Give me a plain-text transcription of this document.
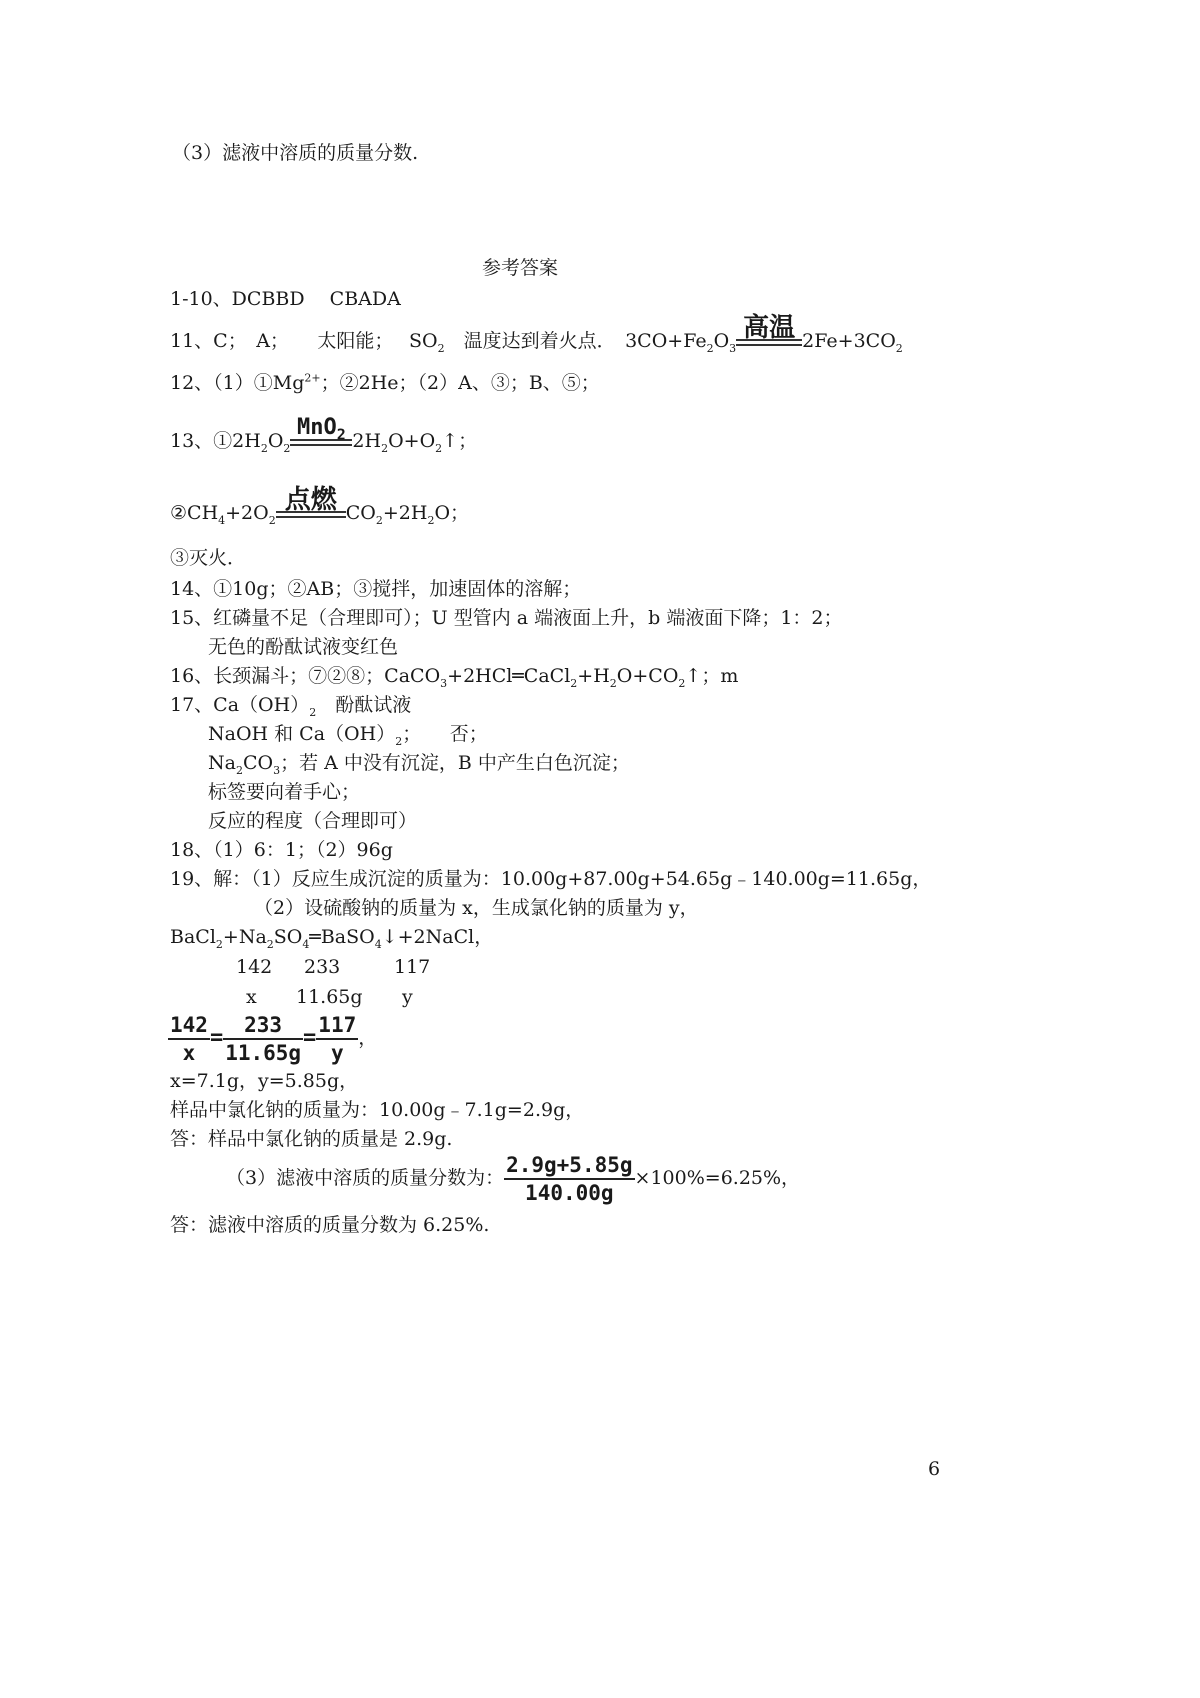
（3）滤液中溶质的质量分数.
参考答案
1-10、DCBBD　 CBADA
11、C；　A；　　太阳能；　 $SO_2$　温度达到着火点．　$3CO+Fe_2O_3$
高温 $2Fe+3CO_2$
12、$(1)①Mg^{2+}$；②2He；（2）A、③；B、⑤；
13、$①2H_2O_2$
MnO$_2$ $2H_2O+O_2↑$；
$②CH_4+2O_2$
点燃 $CO_2+2H_2O$；
③灭火．
14、①10g；②AB；③搅拌，加速固体的溶解；
15、红磷量不足（合理即可）；U 型管内 a 端液面上升，b 端液面下降；1：2；
无色的酚酞试液变红色
16、长颈漏斗；⑦②⑧；$CaCO_3+2HCl═CaCl_2+H_2O+CO_2↑$；m
17、$Ca(OH)_2$　酚酞试液
NaOH 和 $Ca(OH)_2$；　　否；
$Na_2CO_3$；若 A 中没有沉淀，B 中产生白色沉淀；
标签要向着手心；
反应的程度（合理即可）
18、（1）6：1；（2）96g
19、解：（1）反应生成沉淀的质量为：10.00g+87.00g+54.65g﹣140.00g=11.65g，
（2）设硫酸钠的质量为 x，生成氯化钠的质量为 y，
$BaCl_2+Na_2SO_4═BaSO_4↓+2NaCl$，
142 233	117
x 11.65g y
$\frac{142}{x} = \frac{233}{11.65g} = \frac{117}{y}$ ，
x=7.1g，y=5.85g，
样品中氯化钠的质量为：10.00g﹣7.1g=2.9g，
答：样品中氯化钠的质量是 2.9g.
（3）滤液中溶质的质量分数为： $\frac{2.9g+5.85g}{140.00g} \times 100\%=6.25\%$，
答：滤液中溶质的质量分数为 6.25%.
6
